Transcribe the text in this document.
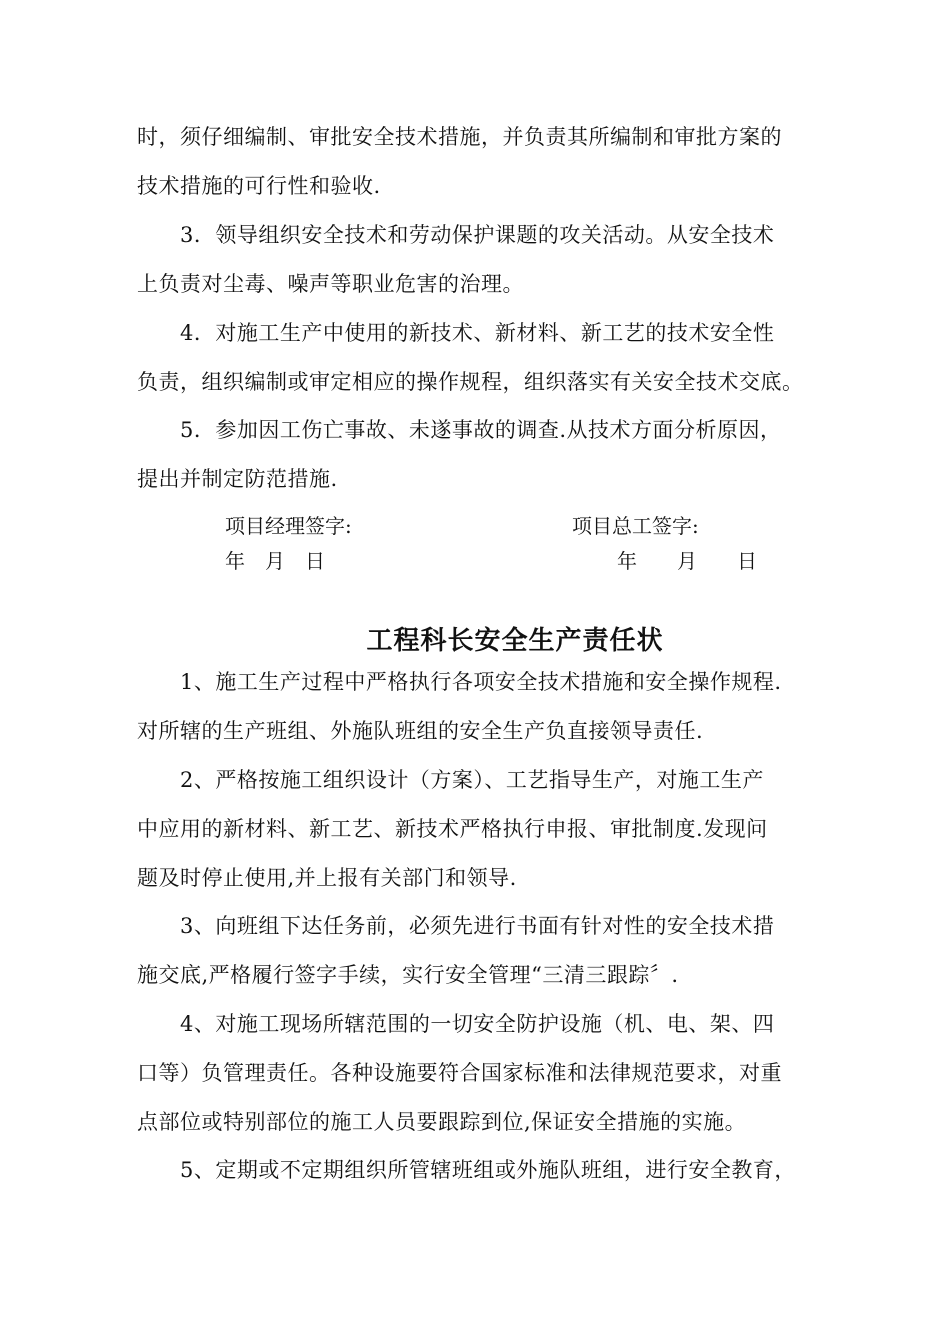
时，须仔细编制、审批安全技术措施，并负责其所编制和审批方案的
技术措施的可行性和验收.
3．领导组织安全技术和劳动保护课题的攻关活动。从安全技术
上负责对尘毒、噪声等职业危害的治理。
4．对施工生产中使用的新技术、新材料、新工艺的技术安全性
负责，组织编制或审定相应的操作规程，组织落实有关安全技术交底。
5．参加因工伤亡事故、未遂事故的调查.从技术方面分析原因，
提出并制定防范措施.
项目经理签字:	项目总工签字:
年　月　日	年　　月　　日
工程科长安全生产责任状
1、施工生产过程中严格执行各项安全技术措施和安全操作规程.
对所辖的生产班组、外施队班组的安全生产负直接领导责任.
2、严格按施工组织设计（方案）、工艺指导生产，对施工生产
中应用的新材料、新工艺、新技术严格执行申报、审批制度.发现问
题及时停止使用,并上报有关部门和领导.
3、向班组下达任务前，必须先进行书面有针对性的安全技术措
施交底,严格履行签字手续，实行安全管理“三清三跟踪〞.
4、对施工现场所辖范围的一切安全防护设施（机、电、架、四
口等）负管理责任。各种设施要符合国家标准和法律规范要求，对重
点部位或特别部位的施工人员要跟踪到位,保证安全措施的实施。
5、定期或不定期组织所管辖班组或外施队班组，进行安全教育，
